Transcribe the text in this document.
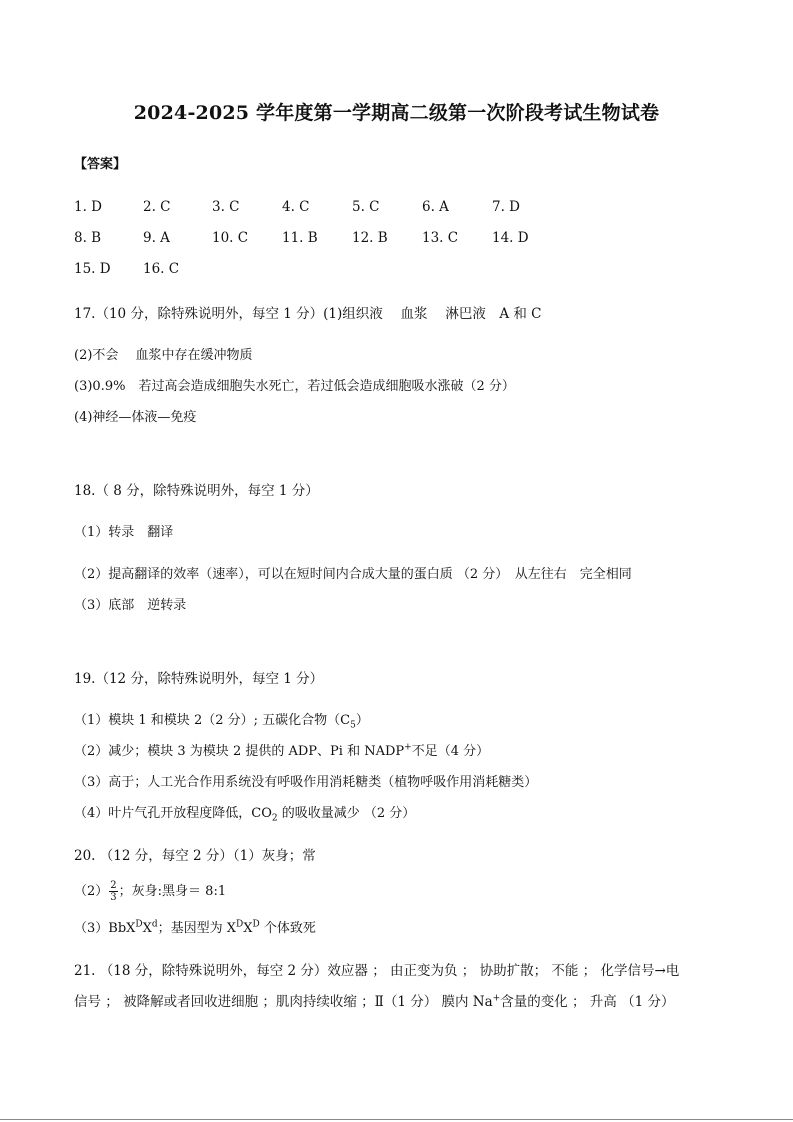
2024-2025 学年度第一学期高二级第一次阶段考试生物试卷
【答案】
1. D	2. C	3. C	4. C	5. C	6. A	7. D
8. B	9. A	10. C	11. B	12. B	13. C	14. D
15. D 16. C
17.（10 分，除特殊说明外，每空 1 分）(1)组织液　 血浆　 淋巴液　A 和 C
(2)不会　 血浆中存在缓冲物质
(3)0.9%　若过高会造成细胞失水死亡，若过低会造成细胞吸水涨破（2 分）
(4)神经—体液—免疫
18.（ 8 分，除特殊说明外，每空 1 分）
（1）转录　翻译
（2）提高翻译的效率（速率），可以在短时间内合成大量的蛋白质 （2 分）　从左往右　完全相同
（3）底部　逆转录
19.（12 分，除特殊说明外，每空 1 分）
（1）模块 1 和模块 2（2 分）; 五碳化合物$(C_5)$
（2）减少；模块 3 为模块 2 提供的 ADP、Pi 和 NADP+不足（4 分）
（3）高于；人工光合作用系统没有呼吸作用消耗糖类（植物呼吸作用消耗糖类）
（4）叶片气孔开放程度降低，$CO_2$ 的吸收量减少 （2 分）
20. （12 分，每空 2 分）（1）灰身；常
$(2) \frac{2}{3}$ ；灰身:黑身＝ 8:1
$(3)BbX^DX^d$；基因型为 $X^DX^D$ 个体致死
21. （18 分，除特殊说明外，每空 2 分）效应器 ； 由正变为负 ； 协助扩散； 不能 ； 化学信号→电
信号 ； 被降解或者回收进细胞 ；肌肉持续收缩 ；Ⅱ（1 分） 膜内 Na+含量的变化 ； 升高 （1 分）
